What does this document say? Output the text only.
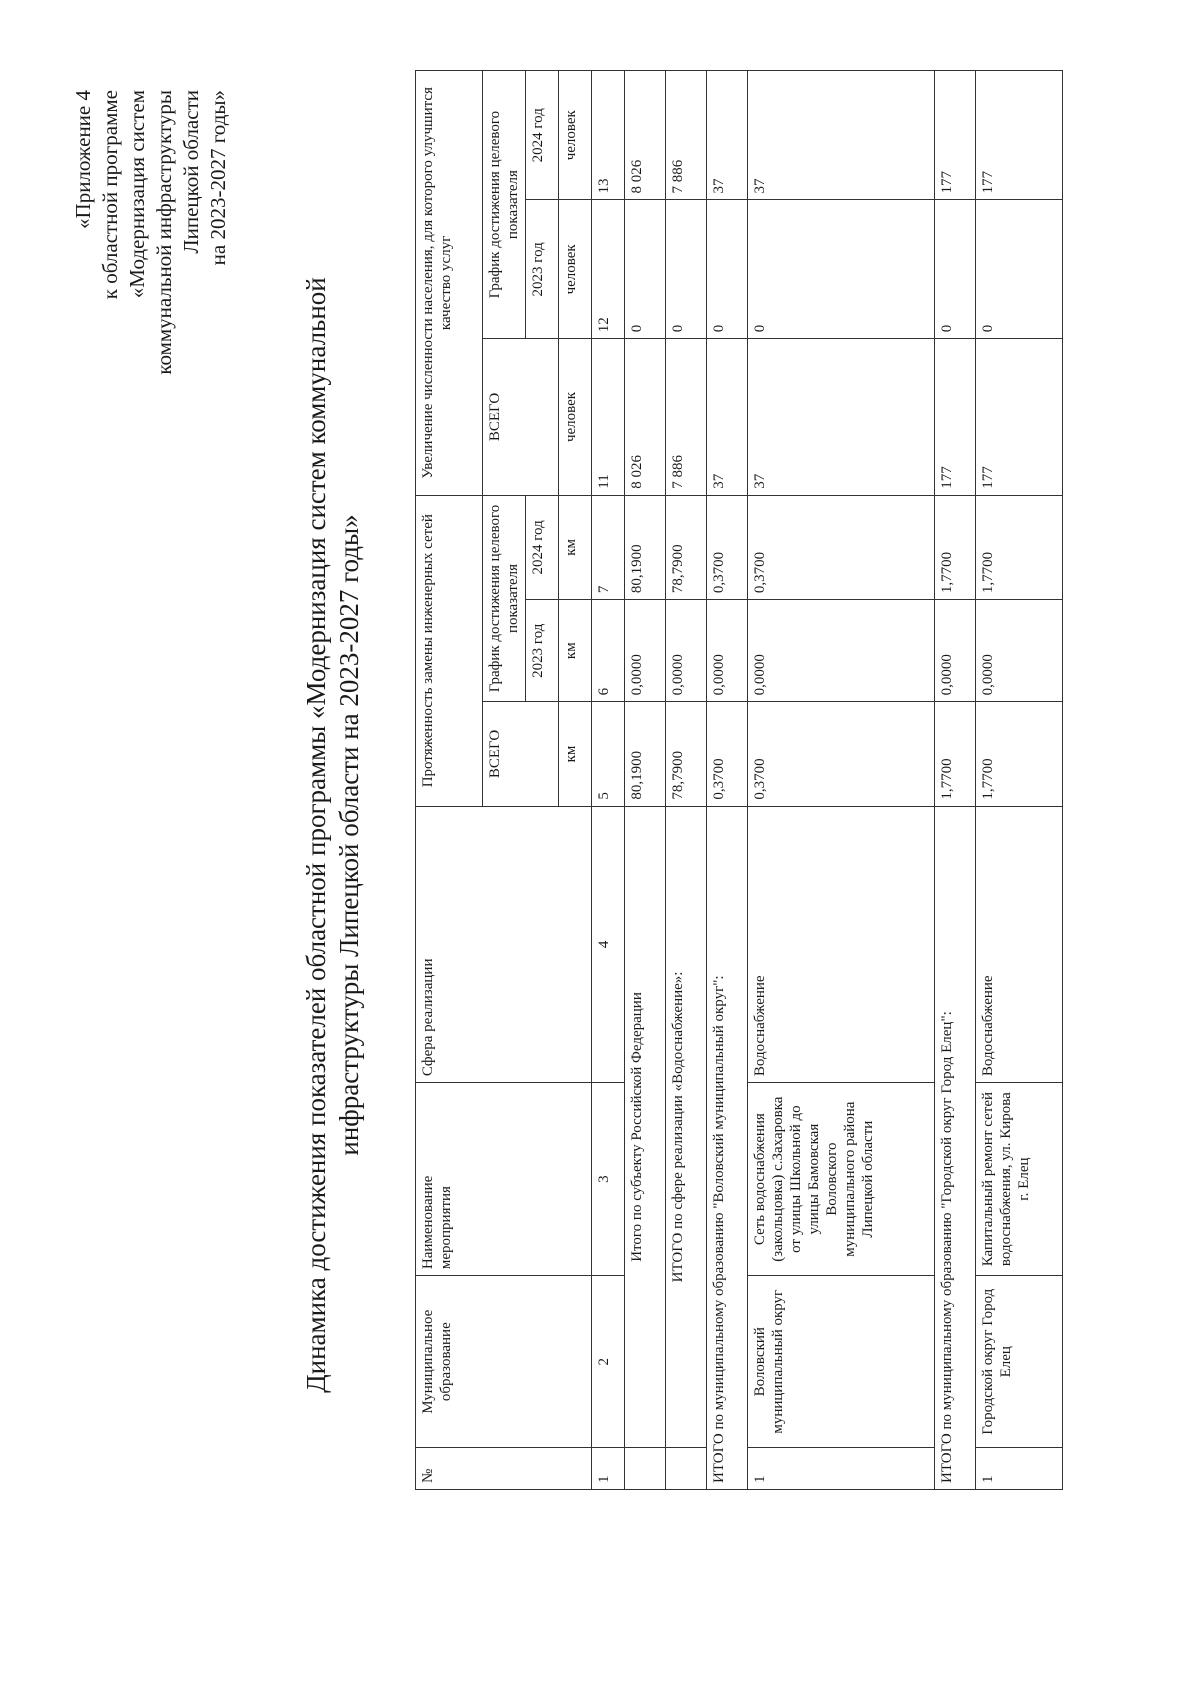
«Приложение 4 к областной программе «Модернизация систем коммунальной инфраструктуры Липецкой области на 2023-2027 годы»
Динамика достижения показателей областной программы «Модернизация систем коммунальной инфраструктуры Липецкой области на 2023-2027 годы»
№	Муниципальное образование	Наименование мероприятия	Сфера реализации	Протяженность замены инженерных сетей			Увеличение численности населения, для которого улучшится качество услуг		
				ВСЕГО	График достижения целевого показателя		ВСЕГО	График достижения целевого показателя	
					2023 год	2024 год		2023 год	2024 год
				км	км	км	человек	человек	человек
1	2	3	4	5	6	7	11	12	13
	Итого по субъекту Российской Федерации			80,1900	0,0000	80,1900	8 026	0	8 026
	ИТОГО по сфере реализации «Водоснабжение»:			78,7900	0,0000	78,7900	7 886	0	7 886
ИТОГО по муниципальному образованию "Воловский муниципальный округ":				0,3700	0,0000	0,3700	37	0	37
1	Воловский муниципальный округ	Сеть водоснабжения (закольцовка) с.Захаровка от улицы Школьной до улицы Бамовская Воловского муниципального района Липецкой области	Водоснабжение	0,3700	0,0000	0,3700	37	0	37
ИТОГО по муниципальному образованию "Городской округ Город Елец":				1,7700	0,0000	1,7700	177	0	177
1	Городской округ Город Елец	Капитальный ремонт сетей водоснабжения, ул. Кирова г. Елец	Водоснабжение	1,7700	0,0000	1,7700	177	0	177
